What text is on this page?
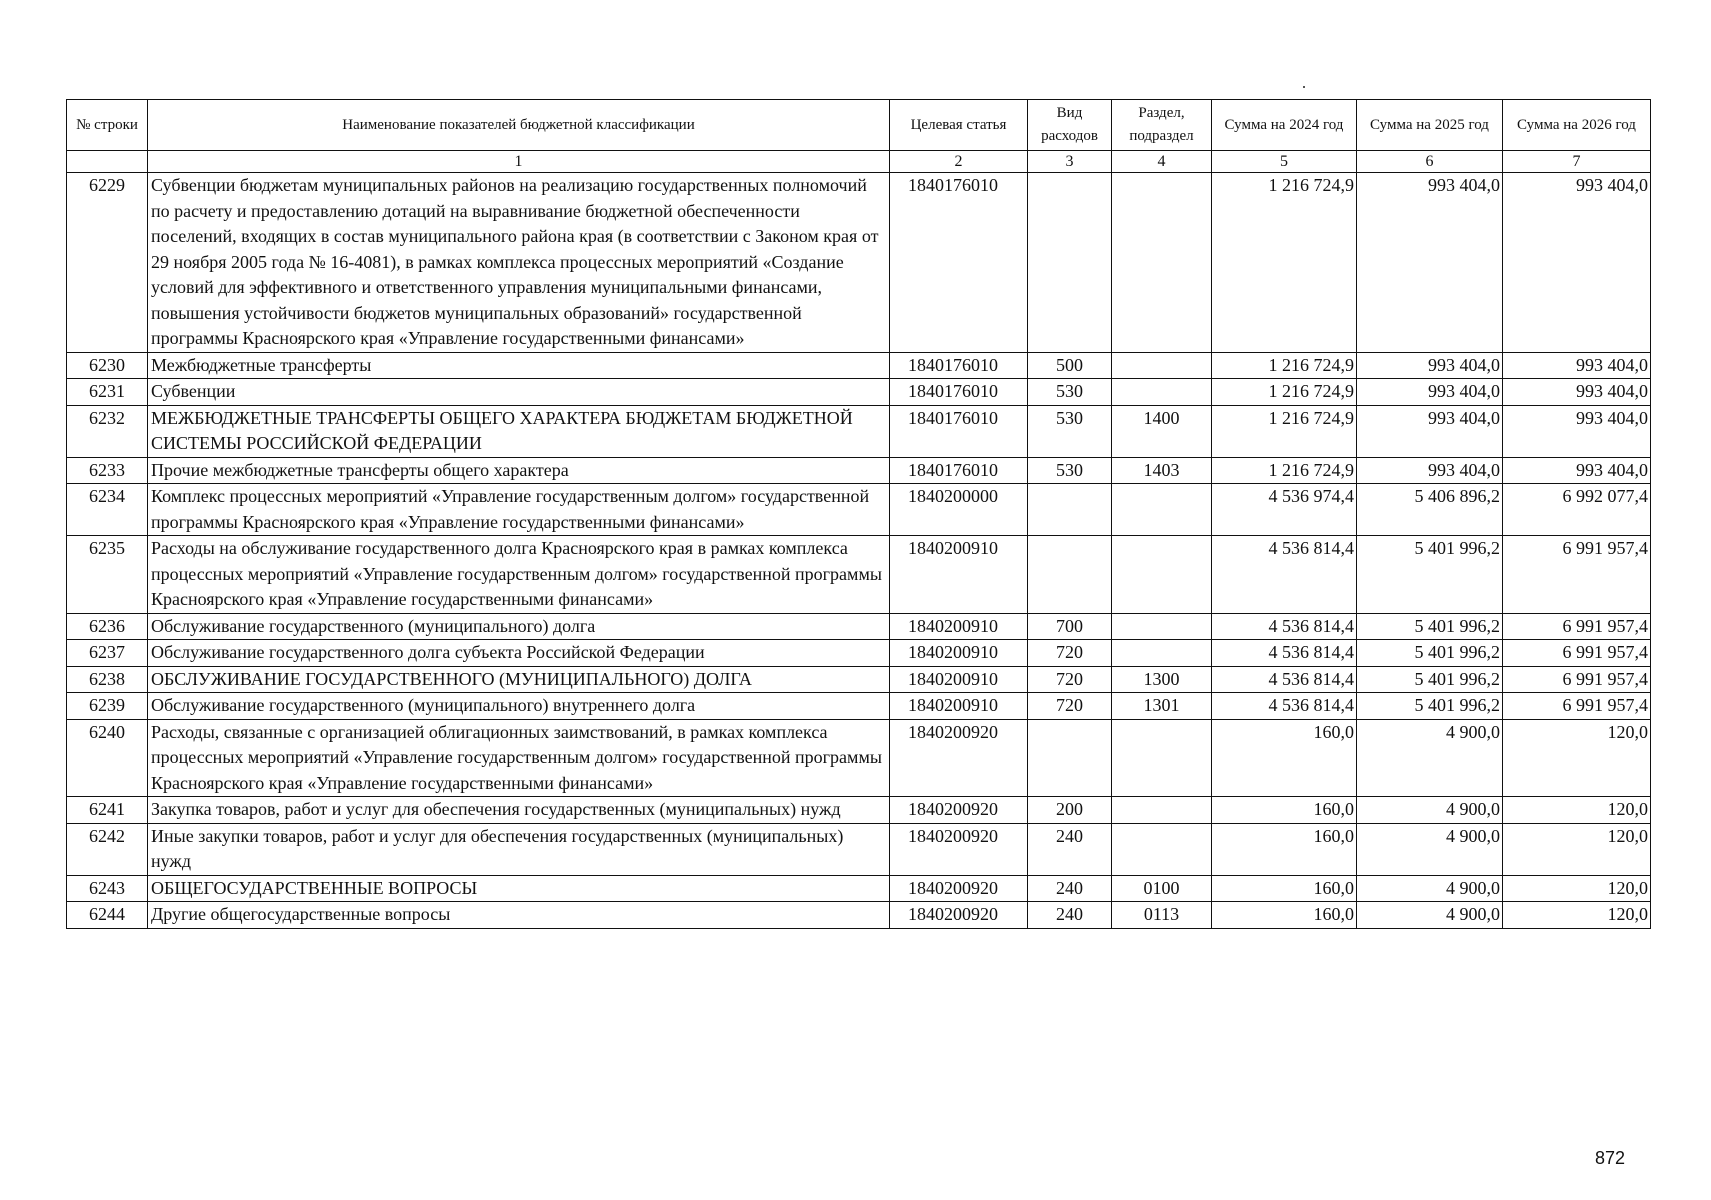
№ строки	Наименование показателей бюджетной классификации	Целевая статья	Вид расходов	Раздел, подраздел	Сумма на 2024 год	Сумма на 2025 год	Сумма на 2026 год
	1	2	3	4	5	6	7
6229	Субвенции бюджетам муниципальных районов на реализацию государственных полномочий по расчету и предоставлению дотаций на выравнивание бюджетной обеспеченности поселений, входящих в состав муниципального района края (в соответствии с Законом края от 29 ноября 2005 года № 16-4081), в рамках комплекса процессных мероприятий «Создание условий для эффективного и ответственного управления муниципальными финансами, повышения устойчивости бюджетов муниципальных образований» государственной программы Красноярского края «Управление государственными финансами»	1840176010			1 216 724,9	993 404,0	993 404,0
6230	Межбюджетные трансферты	1840176010	500		1 216 724,9	993 404,0	993 404,0
6231	Субвенции	1840176010	530		1 216 724,9	993 404,0	993 404,0
6232	МЕЖБЮДЖЕТНЫЕ ТРАНСФЕРТЫ ОБЩЕГО ХАРАКТЕРА БЮДЖЕТАМ БЮДЖЕТНОЙ СИСТЕМЫ РОССИЙСКОЙ ФЕДЕРАЦИИ	1840176010	530	1400	1 216 724,9	993 404,0	993 404,0
6233	Прочие межбюджетные трансферты общего характера	1840176010	530	1403	1 216 724,9	993 404,0	993 404,0
6234	Комплекс процессных мероприятий «Управление государственным долгом» государственной программы Красноярского края «Управление государственными финансами»	1840200000			4 536 974,4	5 406 896,2	6 992 077,4
6235	Расходы на обслуживание государственного долга Красноярского края в рамках комплекса процессных мероприятий «Управление государственным долгом» государственной программы Красноярского края «Управление государственными финансами»	1840200910			4 536 814,4	5 401 996,2	6 991 957,4
6236	Обслуживание государственного (муниципального) долга	1840200910	700		4 536 814,4	5 401 996,2	6 991 957,4
6237	Обслуживание государственного долга субъекта Российской Федерации	1840200910	720		4 536 814,4	5 401 996,2	6 991 957,4
6238	ОБСЛУЖИВАНИЕ ГОСУДАРСТВЕННОГО (МУНИЦИПАЛЬНОГО) ДОЛГА	1840200910	720	1300	4 536 814,4	5 401 996,2	6 991 957,4
6239	Обслуживание государственного (муниципального) внутреннего долга	1840200910	720	1301	4 536 814,4	5 401 996,2	6 991 957,4
6240	Расходы, связанные с организацией облигационных заимствований, в рамках комплекса процессных мероприятий «Управление государственным долгом» государственной программы Красноярского края «Управление государственными финансами»	1840200920			160,0	4 900,0	120,0
6241	Закупка товаров, работ и услуг для обеспечения государственных (муниципальных) нужд	1840200920	200		160,0	4 900,0	120,0
6242	Иные закупки товаров, работ и услуг для обеспечения государственных (муниципальных) нужд	1840200920	240		160,0	4 900,0	120,0
6243	ОБЩЕГОСУДАРСТВЕННЫЕ ВОПРОСЫ	1840200920	240	0100	160,0	4 900,0	120,0
6244	Другие общегосударственные вопросы	1840200920	240	0113	160,0	4 900,0	120,0
872
